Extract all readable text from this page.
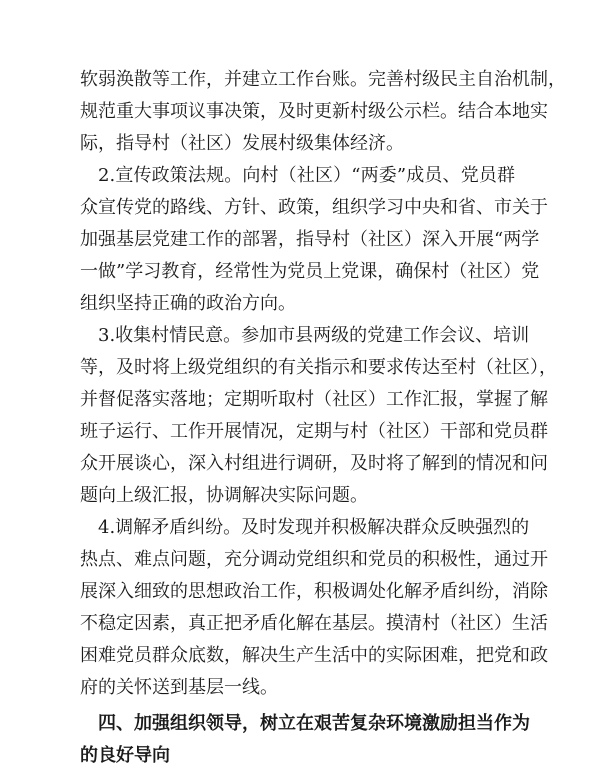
软弱涣散等工作，并建立工作台账。完善村级民主自治机制，
规范重大事项议事决策，及时更新村级公示栏。结合本地实
际，指导村（社区）发展村级集体经济。
2.宣传政策法规。向村（社区）“两委”成员、党员群
众宣传党的路线、方针、政策，组织学习中央和省、市关于
加强基层党建工作的部署，指导村（社区）深入开展“两学
一做”学习教育，经常性为党员上党课，确保村（社区）党
组织坚持正确的政治方向。
3.收集村情民意。参加市县两级的党建工作会议、培训
等，及时将上级党组织的有关指示和要求传达至村（社区），
并督促落实落地；定期听取村（社区）工作汇报，掌握了解
班子运行、工作开展情况，定期与村（社区）干部和党员群
众开展谈心，深入村组进行调研，及时将了解到的情况和问
题向上级汇报，协调解决实际问题。
4.调解矛盾纠纷。及时发现并积极解决群众反映强烈的
热点、难点问题，充分调动党组织和党员的积极性，通过开
展深入细致的思想政治工作，积极调处化解矛盾纠纷，消除
不稳定因素，真正把矛盾化解在基层。摸清村（社区）生活
困难党员群众底数，解决生产生活中的实际困难，把党和政
府的关怀送到基层一线。
四、加强组织领导，树立在艰苦复杂环境激励担当作为
的良好导向
